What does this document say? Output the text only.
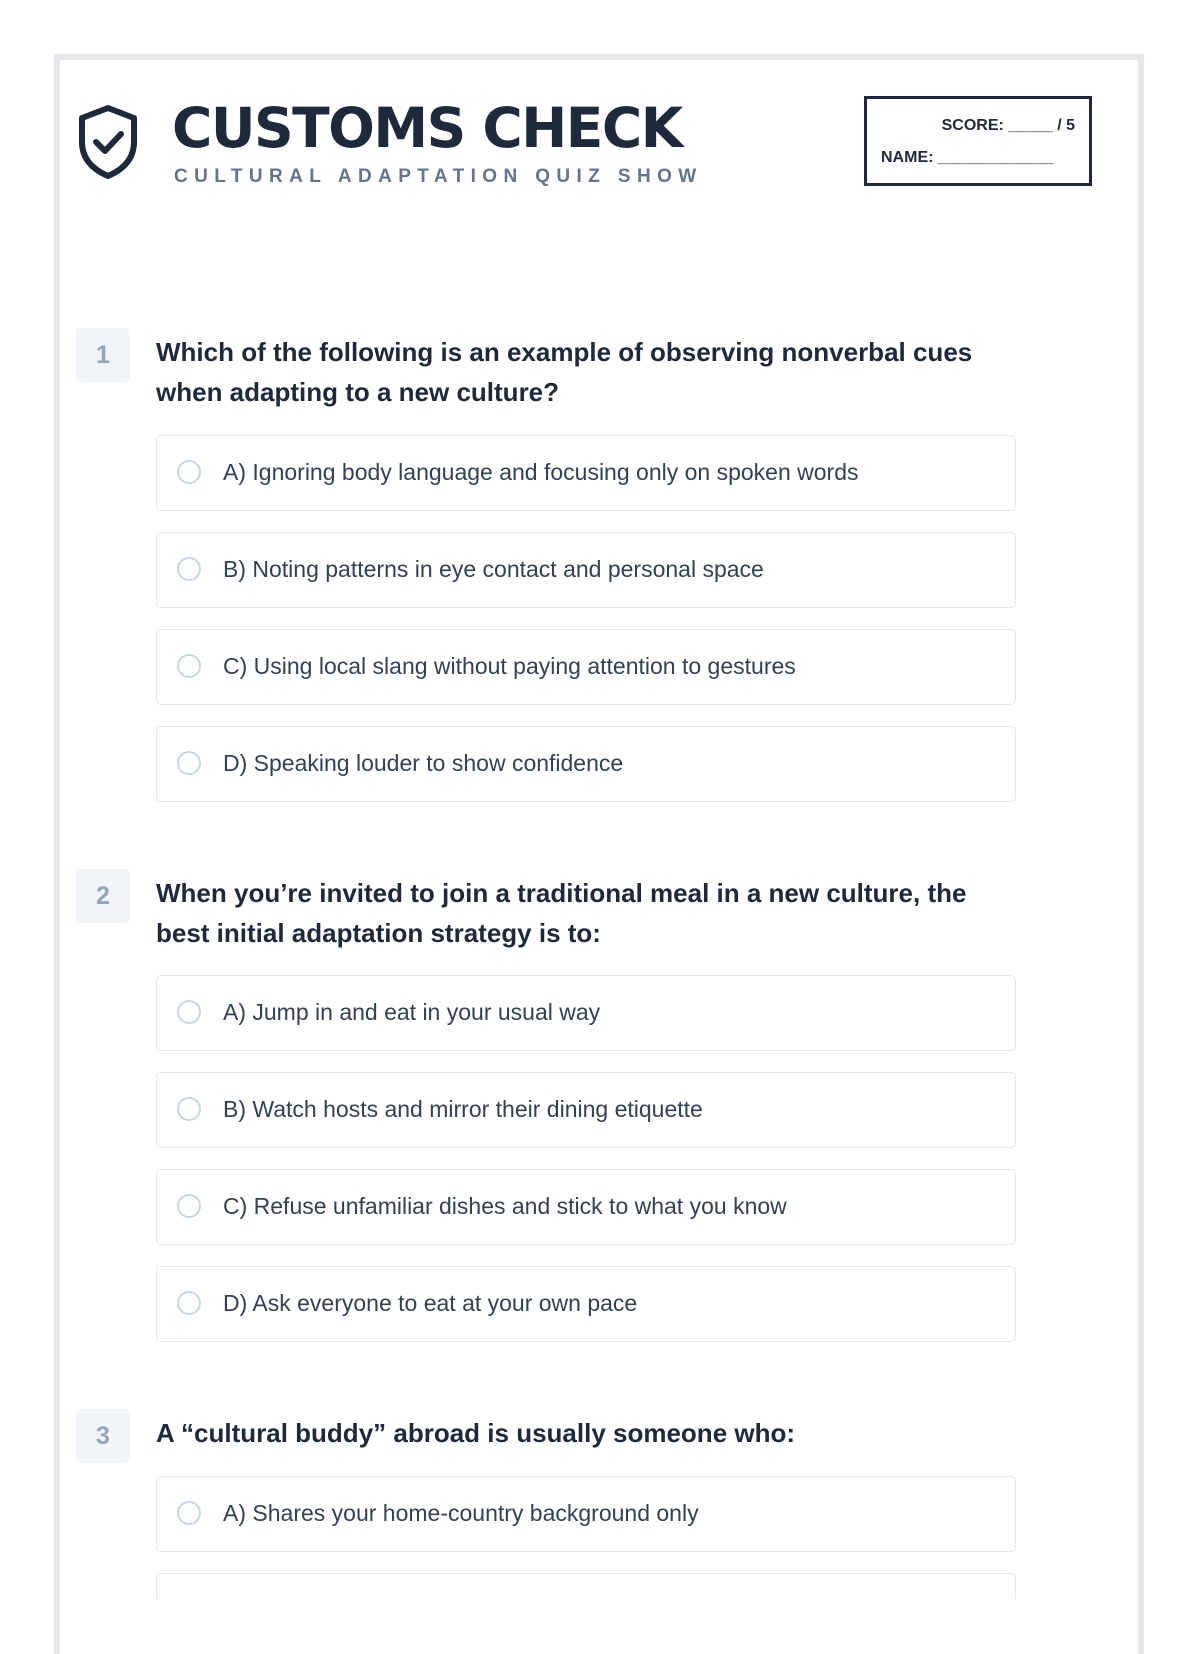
CUSTOMS CHECK
CULTURAL ADAPTATION QUIZ SHOW
SCORE: _____ / 5
NAME: _____________
1	Which of the following is an example of observing nonverbal cues when adapting to a new culture?
A) Ignoring body language and focusing only on spoken words
B) Noting patterns in eye contact and personal space
C) Using local slang without paying attention to gestures
D) Speaking louder to show confidence
2	When you’re invited to join a traditional meal in a new culture, the best initial adaptation strategy is to:
A) Jump in and eat in your usual way
B) Watch hosts and mirror their dining etiquette
C) Refuse unfamiliar dishes and stick to what you know
D) Ask everyone to eat at your own pace
3	A “cultural buddy” abroad is usually someone who:
A) Shares your home-country background only
